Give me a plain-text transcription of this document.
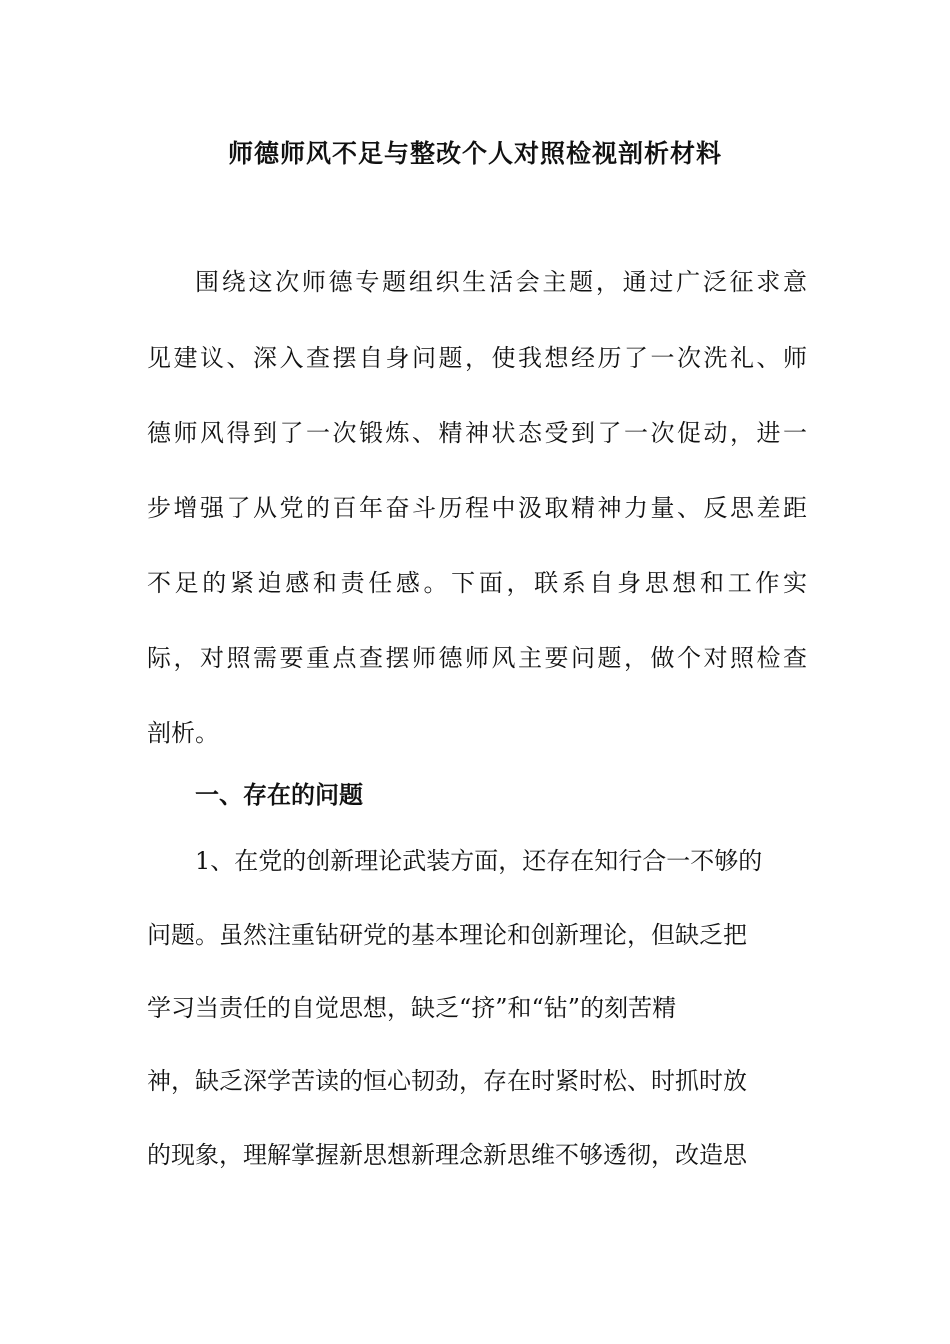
师德师风不足与整改个人对照检视剖析材料
围绕这次师德专题组织生活会主题，通过广泛征求意
见建议、深入查摆自身问题，使我想经历了一次洗礼、师
德师风得到了一次锻炼、精神状态受到了一次促动，进一
步增强了从党的百年奋斗历程中汲取精神力量、反思差距
不足的紧迫感和责任感。下面，联系自身思想和工作实
际，对照需要重点查摆师德师风主要问题，做个对照检查
剖析。
一、存在的问题
1、在党的创新理论武装方面，还存在知行合一不够的
问题。虽然注重钻研党的基本理论和创新理论，但缺乏把
学习当责任的自觉思想，缺乏“挤”和“钻”的刻苦精
神，缺乏深学苦读的恒心韧劲，存在时紧时松、时抓时放
的现象，理解掌握新思想新理念新思维不够透彻，改造思
